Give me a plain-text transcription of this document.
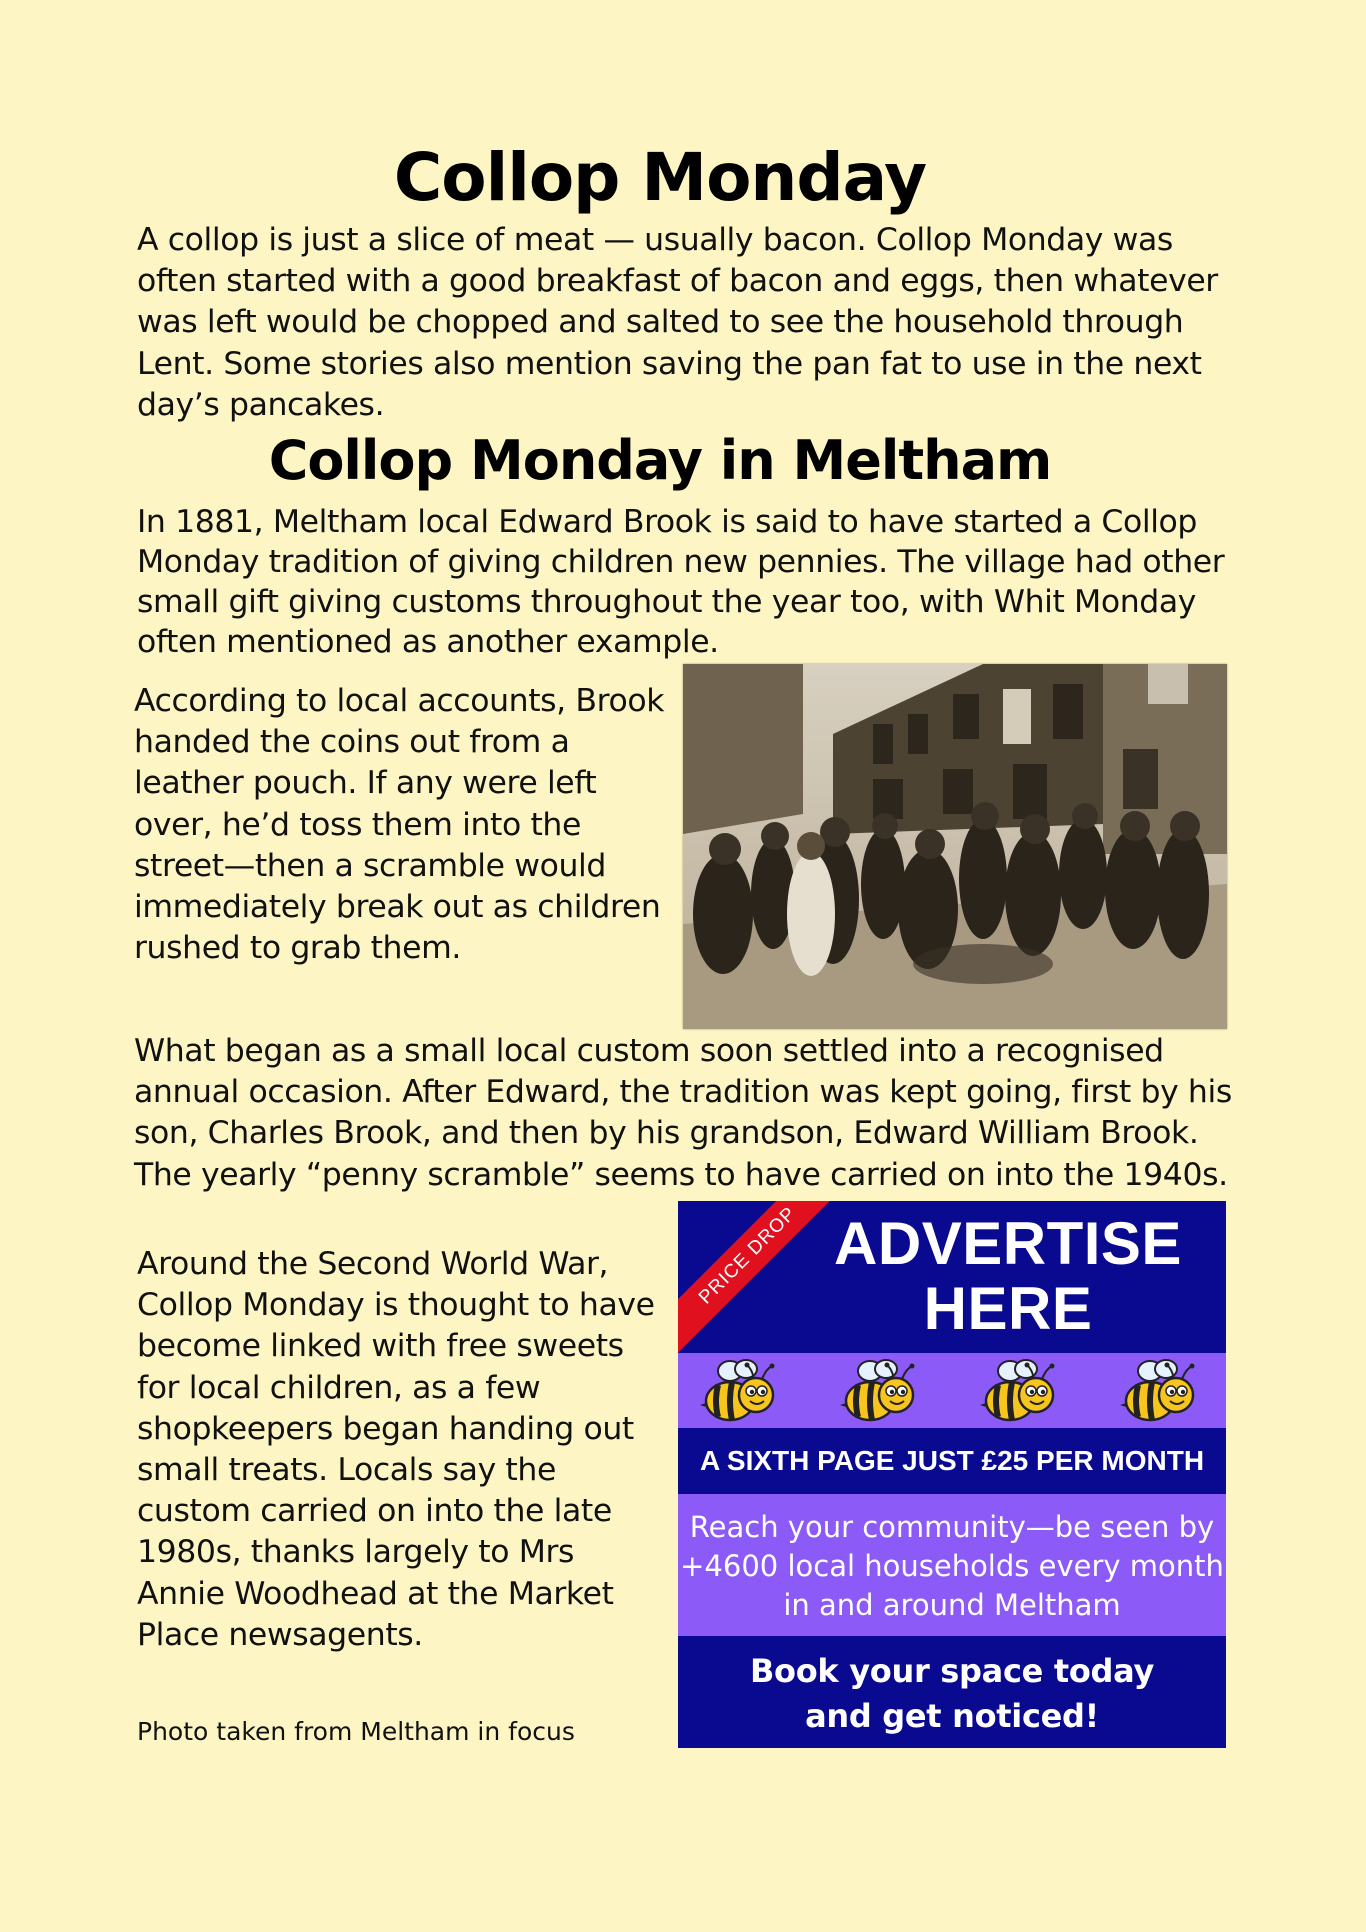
Collop Monday

A collop is just a slice of meat — usually bacon. Collop Monday was often started with a good breakfast of bacon and eggs, then whatever was left would be chopped and salted to see the household through Lent. Some stories also mention saving the pan fat to use in the next day’s pancakes.

Collop Monday in Meltham

In 1881, Meltham local Edward Brook is said to have started a Collop Monday tradition of giving children new pennies. The village had other small gift giving customs throughout the year too, with Whit Monday often mentioned as another example.

According to local accounts, Brook handed the coins out from a leather pouch. If any were left over, he’d toss them into the street—then a scramble would immediately break out as children rushed to grab them.

What began as a small local custom soon settled into a recognised annual occasion. After Edward, the tradition was kept going, first by his son, Charles Brook, and then by his grandson, Edward William Brook. The yearly “penny scramble” seems to have carried on into the 1940s.

Around the Second World War, Collop Monday is thought to have become linked with free sweets for local children, as a few shopkeepers began handing out small treats. Locals say the custom carried on into the late 1980s, thanks largely to Mrs Annie Woodhead at the Market Place newsagents.

Photo taken from Meltham in focus

PRICE DROP ADVERTISE
HERE
A SIXTH PAGE JUST £25 PER MONTH
Reach your community—be seen by +4600 local households every month in and around Meltham
Book your space today
and get noticed!
